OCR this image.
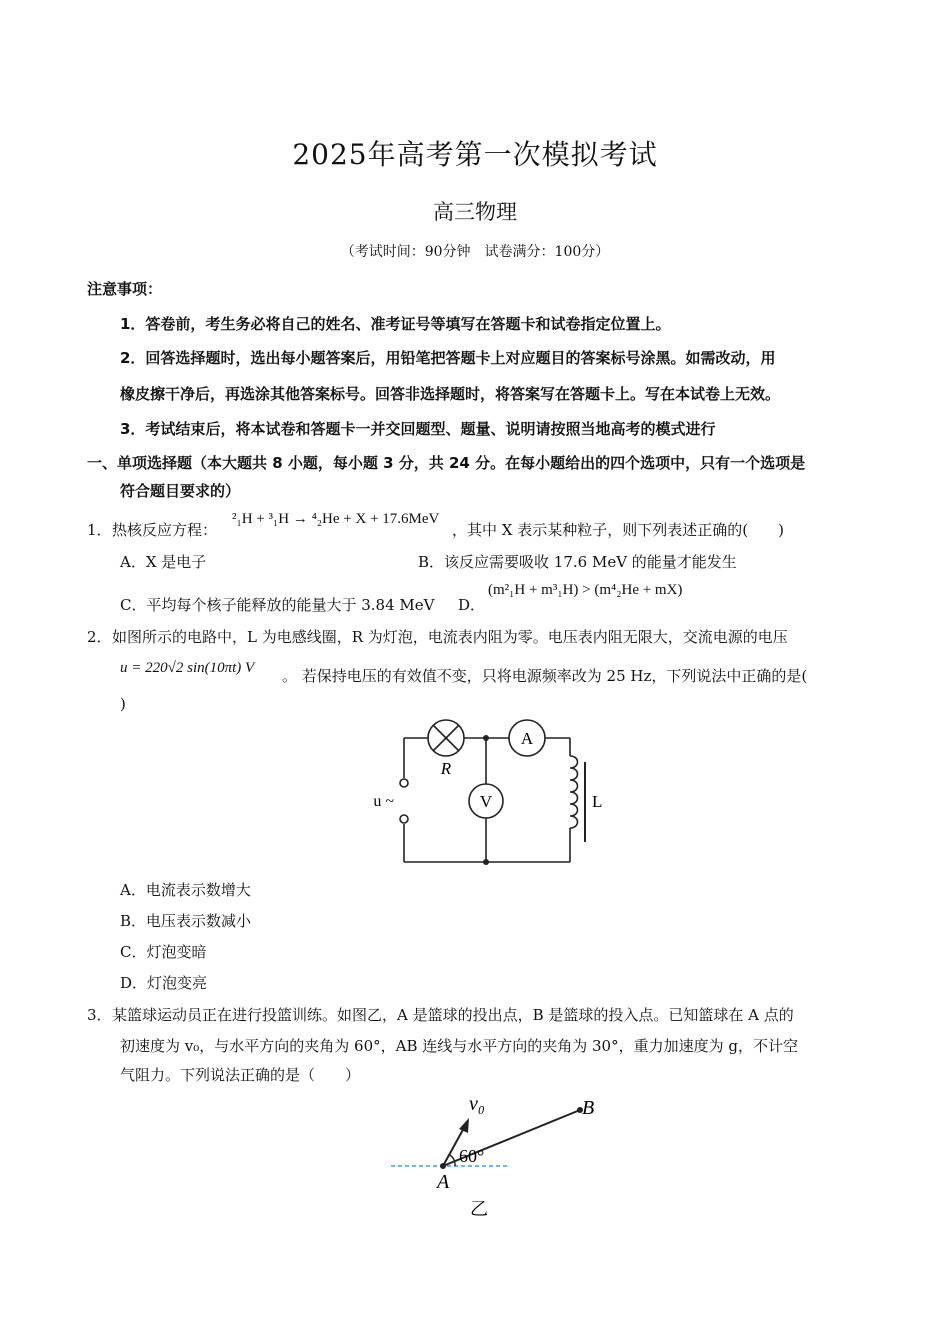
2025年高考第一次模拟考试
高三物理
（考试时间：90分钟　试卷满分：100分）
注意事项：
1．答卷前，考生务必将自己的姓名、准考证号等填写在答题卡和试卷指定位置上。
2．回答选择题时，选出每小题答案后，用铅笔把答题卡上对应题目的答案标号涂黑。如需改动，用
橡皮擦干净后，再选涂其他答案标号。回答非选择题时，将答案写在答题卡上。写在本试卷上无效。
3．考试结束后，将本试卷和答题卡一并交回题型、题量、说明请按照当地高考的模式进行
一、单项选择题（本大题共 8 小题，每小题 3 分，共 24 分。在每小题给出的四个选项中，只有一个选项是
符合题目要求的）
1． 热核反应方程：
²₁H + ³₁H → ⁴₂He + X + 17.6MeV
，其中 X 表示某种粒子，则下列表述正确的(　　)
A．X 是电子	B．该反应需要吸收 17.6 MeV 的能量才能发生
C．平均每个核子能释放的能量大于 3.84 MeV D．
(m²₁H + m³₁H) > (m⁴₂He + mX)
2． 如图所示的电路中，L 为电感线圈，R 为灯泡，电流表内阻为零。电压表内阻无限大，交流电源的电压
u = 220√2 sin(10πt) V 。 若保持电压的有效值不变，只将电源频率改为 25 Hz，下列说法中正确的是(
)
A
V
R
u ~	L
A．电流表示数增大
B．电压表示数减小
C．灯泡变暗
D．灯泡变亮
3． 某篮球运动员正在进行投篮训练。如图乙，A 是篮球的投出点，B 是篮球的投入点。已知篮球在 A 点的
初速度为 v₀，与水平方向的夹角为 60°，AB 连线与水平方向的夹角为 30°，重力加速度为 g，不计空
气阻力。下列说法正确的是（　　）
v₀	B
A
60°
乙
